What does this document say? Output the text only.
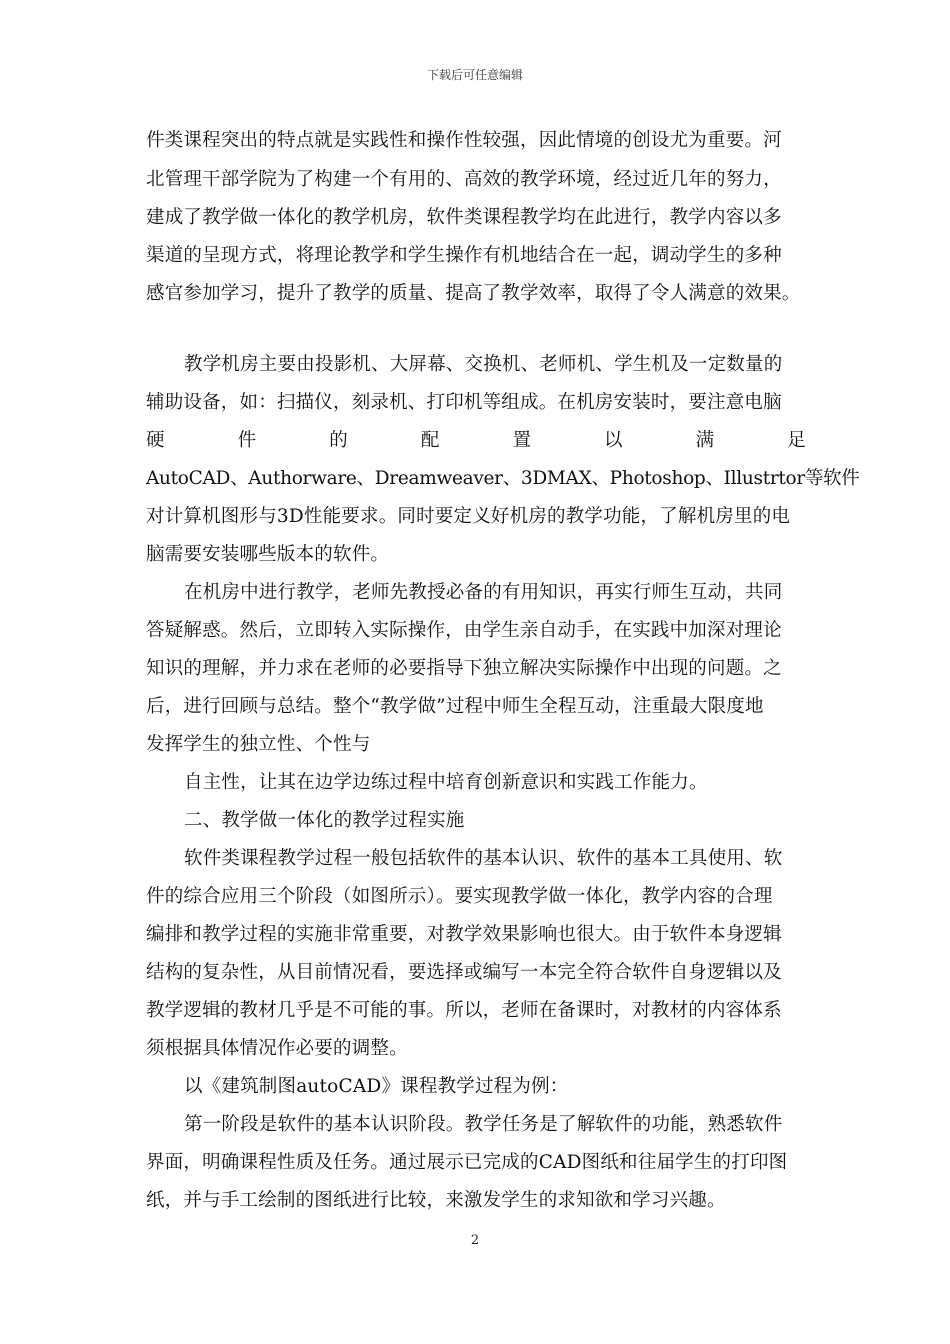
下载后可任意编辑
件类课程突出的特点就是实践性和操作性较强，因此情境的创设尤为重要。河
北管理干部学院为了构建一个有用的、高效的教学环境，经过近几年的努力，
建成了教学做一体化的教学机房，软件类课程教学均在此进行，教学内容以多
渠道的呈现方式，将理论教学和学生操作有机地结合在一起，调动学生的多种
感官参加学习，提升了教学的质量、提高了教学效率，取得了令人满意的效果。
教学机房主要由投影机、大屏幕、交换机、老师机、学生机及一定数量的
辅助设备，如：扫描仪，刻录机、打印机等组成。在机房安装时，要注意电脑
硬	件	的	配	置	以	满	足
AutoCAD、Authorware、Dreamweaver、3DMAX、Photoshop、Illustrtor等软件
对计算机图形与3D性能要求。同时要定义好机房的教学功能，了解机房里的电
脑需要安装哪些版本的软件。
在机房中进行教学，老师先教授必备的有用知识，再实行师生互动，共同
答疑解惑。然后，立即转入实际操作，由学生亲自动手，在实践中加深对理论
知识的理解，并力求在老师的必要指导下独立解决实际操作中出现的问题。之
后，进行回顾与总结。整个“教学做”过程中师生全程互动，注重最大限度地
发挥学生的独立性、个性与
自主性，让其在边学边练过程中培育创新意识和实践工作能力。
二、教学做一体化的教学过程实施
软件类课程教学过程一般包括软件的基本认识、软件的基本工具使用、软
件的综合应用三个阶段（如图所示）。要实现教学做一体化，教学内容的合理
编排和教学过程的实施非常重要，对教学效果影响也很大。由于软件本身逻辑
结构的复杂性，从目前情况看，要选择或编写一本完全符合软件自身逻辑以及
教学逻辑的教材几乎是不可能的事。所以，老师在备课时，对教材的内容体系
须根据具体情况作必要的调整。
以《建筑制图autoCAD》课程教学过程为例：
第一阶段是软件的基本认识阶段。教学任务是了解软件的功能，熟悉软件
界面，明确课程性质及任务。通过展示已完成的CAD图纸和往届学生的打印图
纸，并与手工绘制的图纸进行比较，来激发学生的求知欲和学习兴趣。
2
